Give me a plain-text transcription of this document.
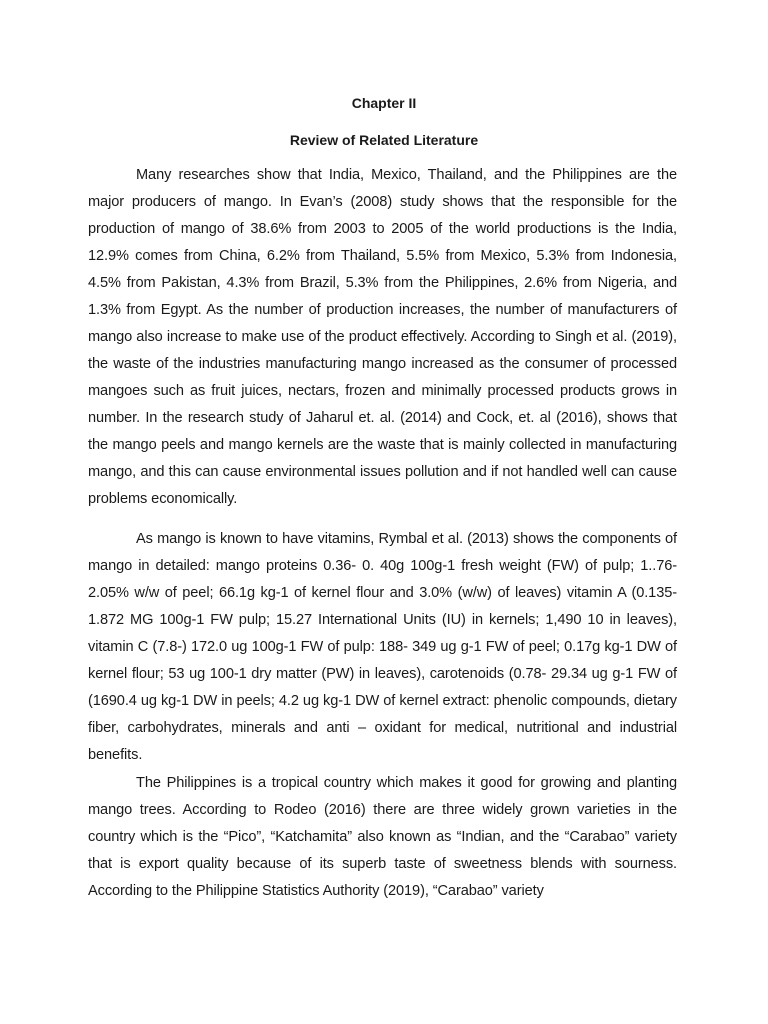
Chapter II
Review of Related Literature

Many researches show that India, Mexico, Thailand, and the Philippines are the major producers of mango. In Evan’s (2008) study shows that the responsible for the production of mango of 38.6% from 2003 to 2005 of the world productions is the India, 12.9% comes from China, 6.2% from Thailand, 5.5% from Mexico, 5.3% from Indonesia, 4.5% from Pakistan, 4.3% from Brazil, 5.3% from the Philippines, 2.6% from Nigeria, and 1.3% from Egypt. As the number of production increases, the number of manufacturers of mango also increase to make use of the product effectively. According to Singh et al. (2019), the waste of the industries manufacturing mango increased as the consumer of processed mangoes such as fruit juices, nectars, frozen and minimally processed products grows in number. In the research study of Jaharul et. al. (2014) and Cock, et. al (2016), shows that the mango peels and mango kernels are the waste that is mainly collected in manufacturing mango, and this can cause environmental issues pollution and if not handled well can cause problems economically.

As mango is known to have vitamins, Rymbal et al. (2013) shows the components of mango in detailed: mango proteins 0.36- 0. 40g 100g-1 fresh weight (FW) of pulp; 1..76- 2.05% w/w of peel; 66.1g kg-1 of kernel flour and 3.0% (w/w) of leaves) vitamin A (0.135- 1.872 MG 100g-1 FW pulp; 15.27 International Units (IU) in kernels; 1,490 10 in leaves), vitamin C (7.8-) 172.0 ug 100g-1 FW of pulp: 188- 349 ug g-1 FW of peel; 0.17g kg-1 DW of kernel flour; 53 ug 100-1 dry matter (PW) in leaves), carotenoids (0.78- 29.34 ug g-1 FW of (1690.4 ug kg-1 DW in peels; 4.2 ug kg-1 DW of kernel extract: phenolic compounds, dietary fiber, carbohydrates, minerals and anti – oxidant for medical, nutritional and industrial benefits.

The Philippines is a tropical country which makes it good for growing and planting mango trees. According to Rodeo (2016) there are three widely grown varieties in the country which is the “Pico”, “Katchamita” also known as “Indian, and the “Carabao” variety that is export quality because of its superb taste of sweetness blends with sourness. According to the Philippine Statistics Authority (2019), “Carabao” variety
